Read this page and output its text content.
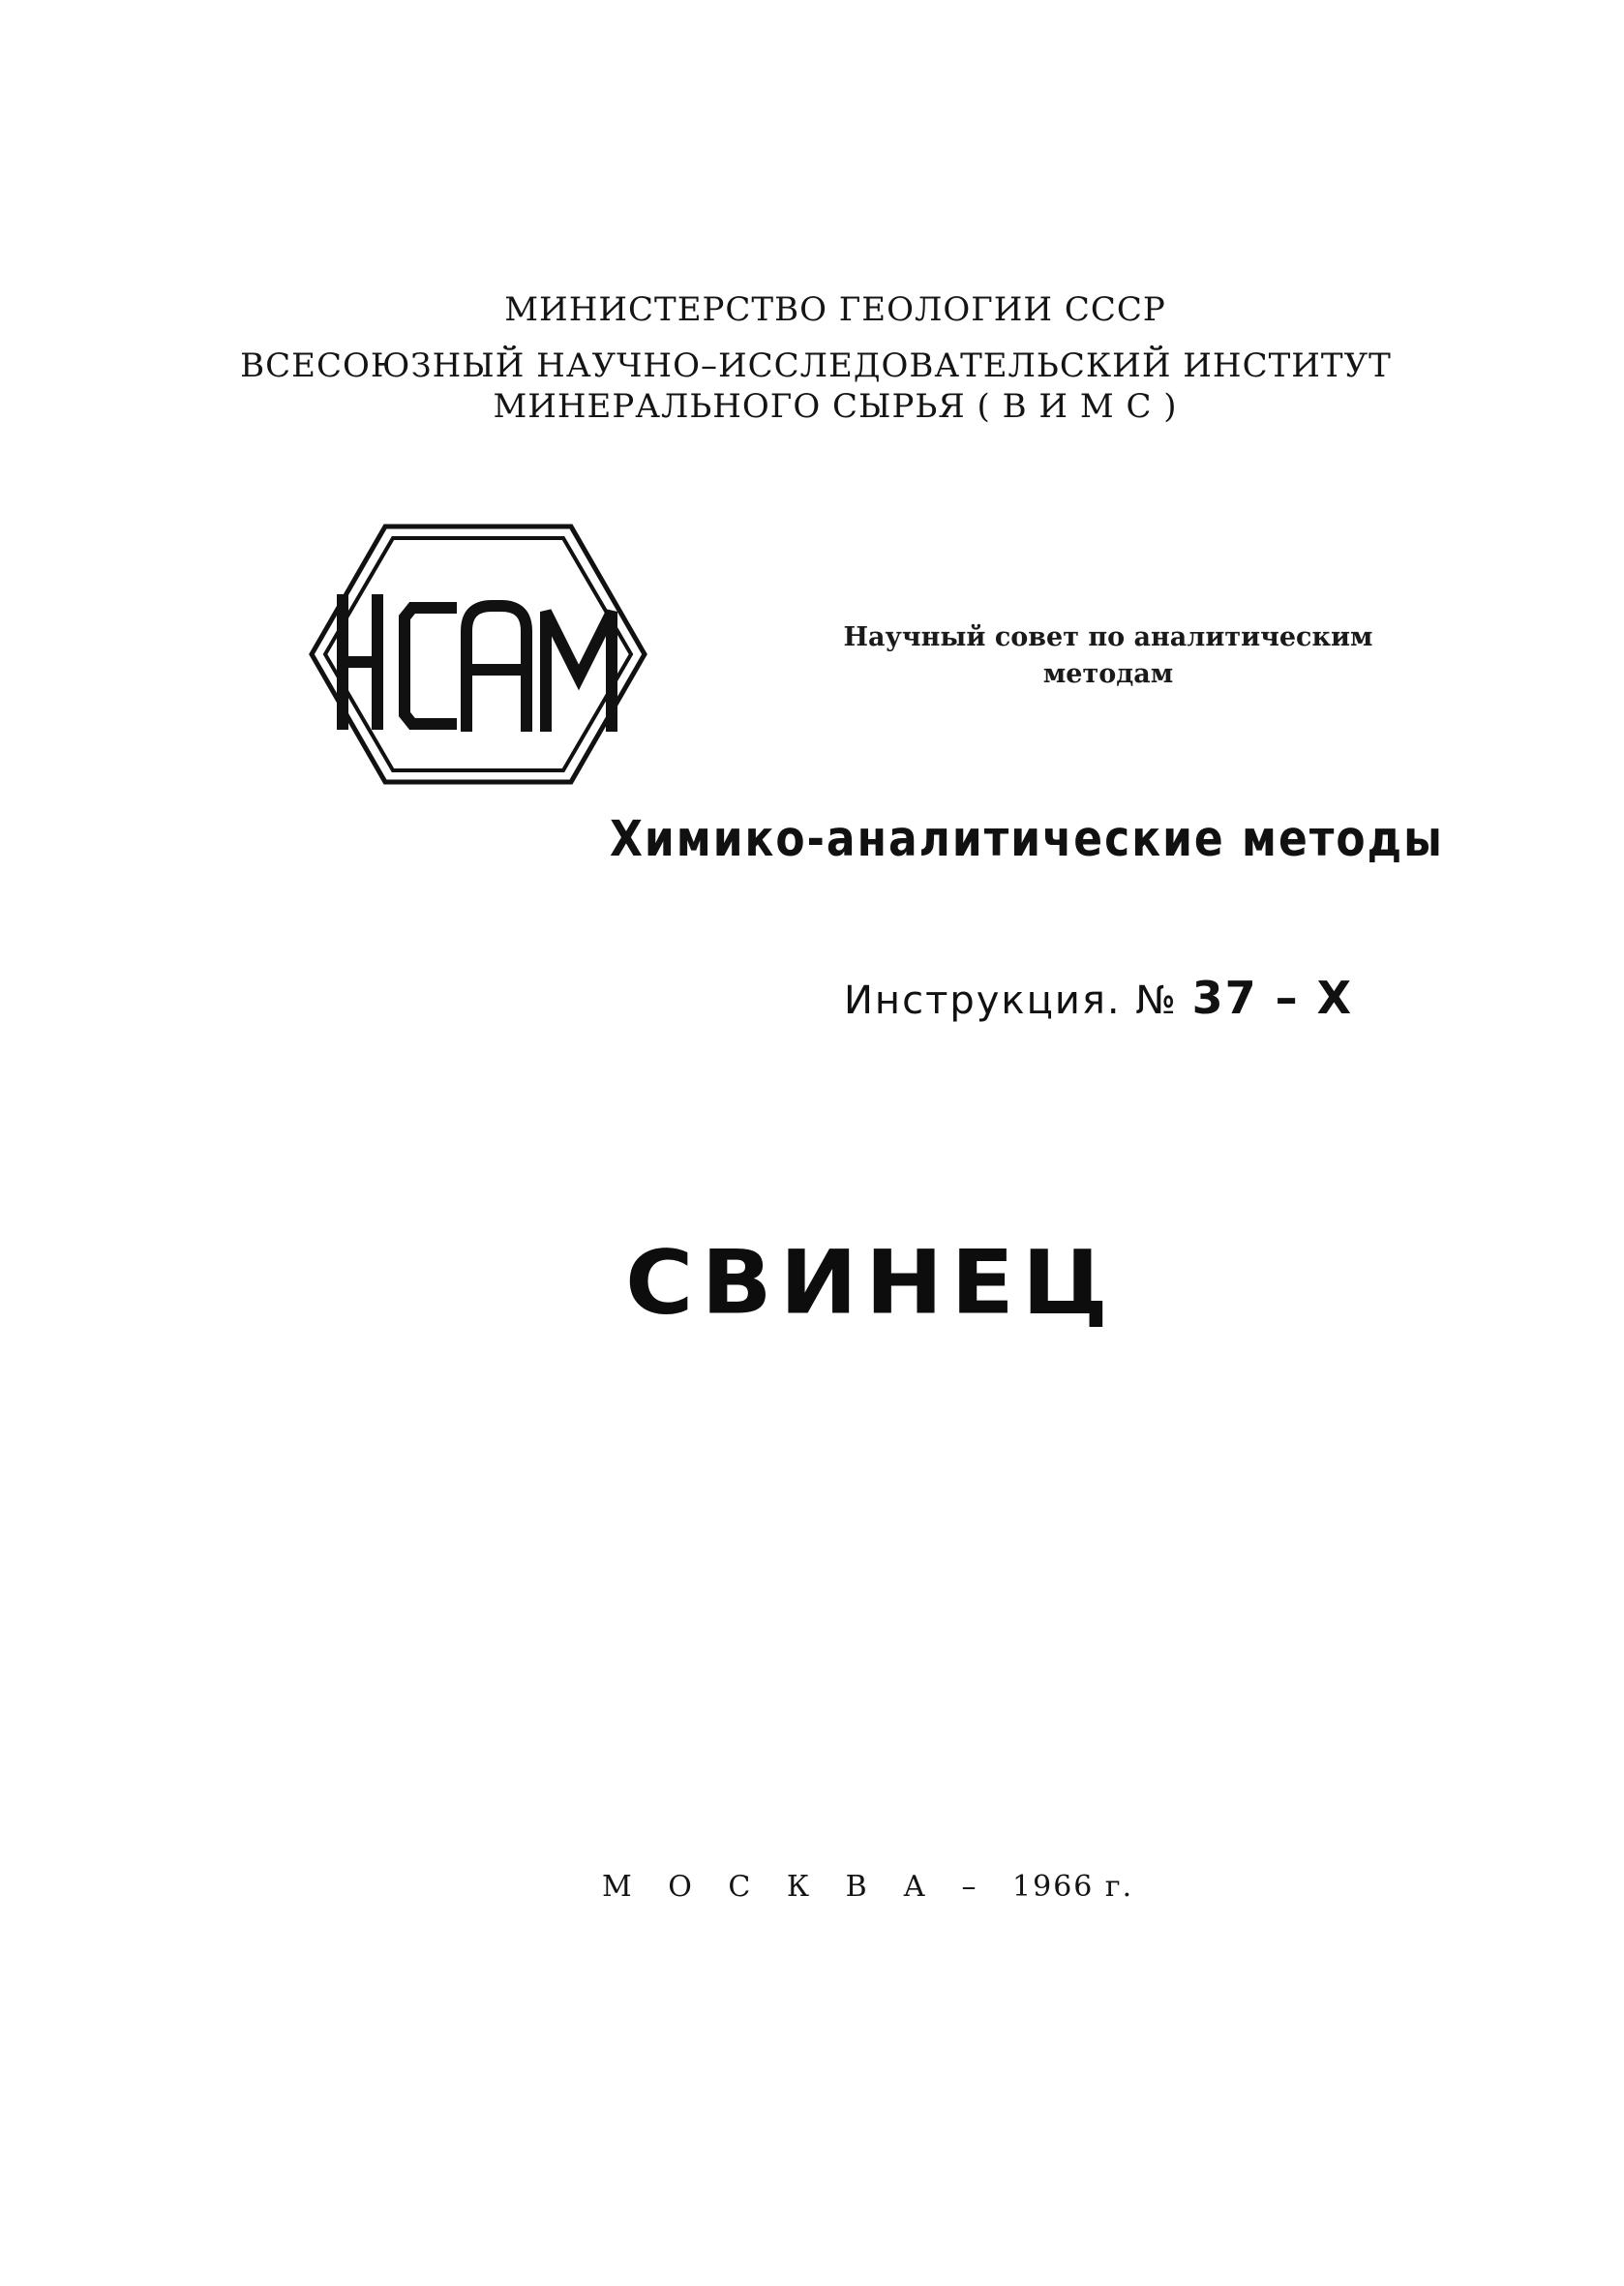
МИНИСТЕРСТВО ГЕОЛОГИИ СССР
ВСЕСОЮЗНЫЙ НАУЧНО–ИССЛЕДОВАТЕЛЬСКИЙ ИНСТИТУТ
МИНЕРАЛЬНОГО СЫРЬЯ ( В И М С )
Научный совет по аналитическим
методам
Химико-аналитические методы
Инструкция. № 37 – Х
СВИНЕЦ
М О С К В А – 1966 г.
